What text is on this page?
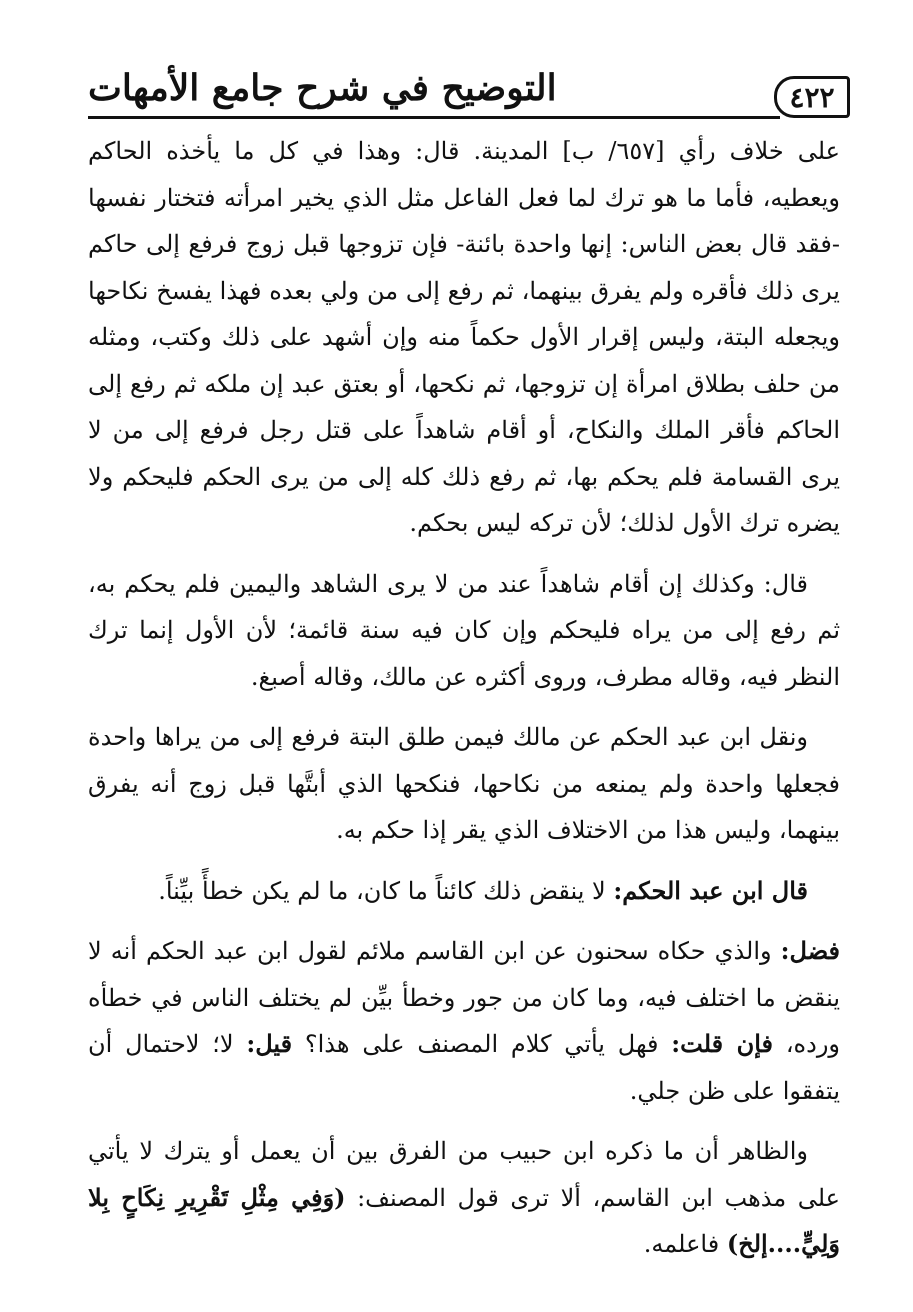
٤٢٢
التوضيح في شرح جامع الأمهات

على خلاف رأي [٦٥٧/ ب] المدينة. قال: وهذا في كل ما يأخذه الحاكم ويعطيه، فأما ما هو ترك لما فعل الفاعل مثل الذي يخير امرأته فتختار نفسها -فقد قال بعض الناس: إنها واحدة بائنة- فإن تزوجها قبل زوج فرفع إلى حاكم يرى ذلك فأقره ولم يفرق بينهما، ثم رفع إلى من ولي بعده فهذا يفسخ نكاحها ويجعله البتة، وليس إقرار الأول حكماً منه وإن أشهد على ذلك وكتب، ومثله من حلف بطلاق امرأة إن تزوجها، ثم نكحها، أو بعتق عبد إن ملكه ثم رفع إلى الحاكم فأقر الملك والنكاح، أو أقام شاهداً على قتل رجل فرفع إلى من لا يرى القسامة فلم يحكم بها، ثم رفع ذلك كله إلى من يرى الحكم فليحكم ولا يضره ترك الأول لذلك؛ لأن تركه ليس بحكم.

قال: وكذلك إن أقام شاهداً عند من لا يرى الشاهد واليمين فلم يحكم به، ثم رفع إلى من يراه فليحكم وإن كان فيه سنة قائمة؛ لأن الأول إنما ترك النظر فيه، وقاله مطرف، وروى أكثره عن مالك، وقاله أصبغ.

ونقل ابن عبد الحكم عن مالك فيمن طلق البتة فرفع إلى من يراها واحدة فجعلها واحدة ولم يمنعه من نكاحها، فنكحها الذي أبتَّها قبل زوج أنه يفرق بينهما، وليس هذا من الاختلاف الذي يقر إذا حكم به.

قال ابن عبد الحكم: لا ينقض ذلك كائناً ما كان، ما لم يكن خطأً بيِّناً.

فضل: والذي حكاه سحنون عن ابن القاسم ملائم لقول ابن عبد الحكم أنه لا ينقض ما اختلف فيه، وما كان من جور وخطأ بيِّن لم يختلف الناس في خطأه ورده، فإن قلت: فهل يأتي كلام المصنف على هذا؟ قيل: لا؛ لاحتمال أن يتفقوا على ظن جلي.

والظاهر أن ما ذكره ابن حبيب من الفرق بين أن يعمل أو يترك لا يأتي على مذهب ابن القاسم، ألا ترى قول المصنف: (وَفِي مِثْلِ تَقْرِيرِ نِكَاحٍ بِلا وَلِيٍّ....إلخ) فاعلمه.
